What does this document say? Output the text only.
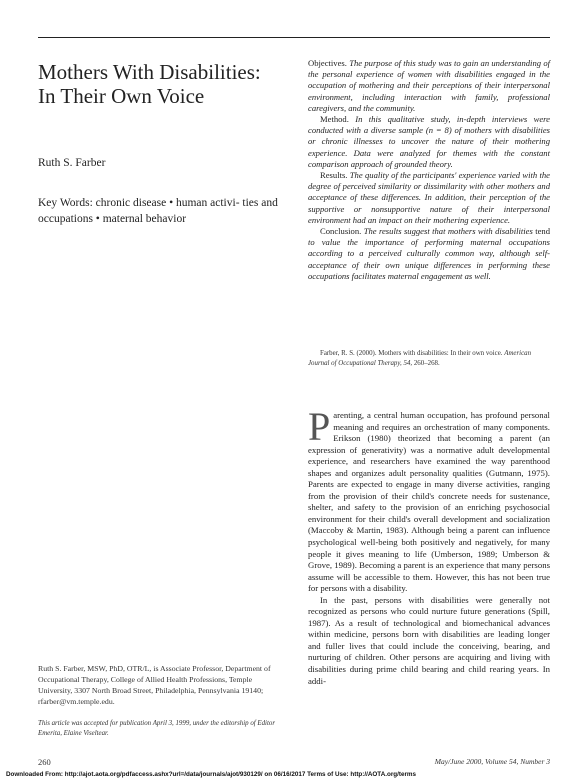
Mothers With Disabilities: In Their Own Voice
Ruth S. Farber
Key Words: chronic disease • human activi- ties and occupations • maternal behavior

Objectives. The purpose of this study was to gain an understanding of the personal experience of women with disabilities engaged in the occupation of mothering and their perceptions of their interpersonal environment, including interaction with family, professional caregivers, and the community.

Method. In this qualitative study, in-depth interviews were conducted with a diverse sample (n = 8) of mothers with disabilities or chronic illnesses to uncover the nature of their mothering experience. Data were analyzed for themes with the constant comparison approach of grounded theory.

Results. The quality of the participants' experience varied with the degree of perceived similarity or dissimilarity with other mothers and acceptance of these differences. In addition, their perception of the supportive or nonsupportive nature of their interpersonal environment had an impact on their mothering experience.

Conclusion. The results suggest that mothers with disabilities tend to value the importance of performing maternal occupations according to a perceived culturally common way, although self-acceptance of their own unique differences in performing these occupations facilitates maternal engagement as well.

Farber, R. S. (2000). Mothers with disabilities: In their own voice. American Journal of Occupational Therapy, 54, 260–268.

Parenting, a central human occupation, has profound personal meaning and requires an orchestration of many components. Erikson (1980) theorized that becoming a parent (an expression of generativity) was a normative adult developmental experience, and researchers have examined the way parenthood shapes and organizes adult personality qualities (Gutmann, 1975). Parents are expected to engage in many diverse activities, ranging from the provision of their child's concrete needs for sustenance, shelter, and safety to the provision of an enriching psychosocial environment for their child's overall development and socialization (Maccoby & Martin, 1983). Although being a parent can influence psychological well-being both positively and negatively, for many people it gives meaning to life (Umberson, 1989; Umberson & Grove, 1989). Becoming a parent is an experience that many persons assume will be accessible to them. However, this has not been true for persons with a disability.

In the past, persons with disabilities were generally not recognized as persons who could nurture future generations (Spill, 1987). As a result of technological and biomechanical advances within medicine, persons born with disabilities are leading longer and fuller lives that could include the conceiving, bearing, and nurturing of children. Other persons are acquiring and living with disabilities during prime child bearing and child rearing years. In addi-

Ruth S. Farber, MSW, PhD, OTR/L, is Associate Professor, Department of Occupational Therapy, College of Allied Health Professions, Temple University, 3307 North Broad Street, Philadelphia, Pennsylvania 19140; rfarber@vm.temple.edu.

This article was accepted for publication April 3, 1999, under the editorship of Editor Emerita, Elaine Viseltear.
260	May/June 2000, Volume 54, Number 3
Downloaded From: http://ajot.aota.org/pdfaccess.ashx?url=/data/journals/ajot/930129/ on 06/16/2017 Terms of Use: http://AOTA.org/terms
